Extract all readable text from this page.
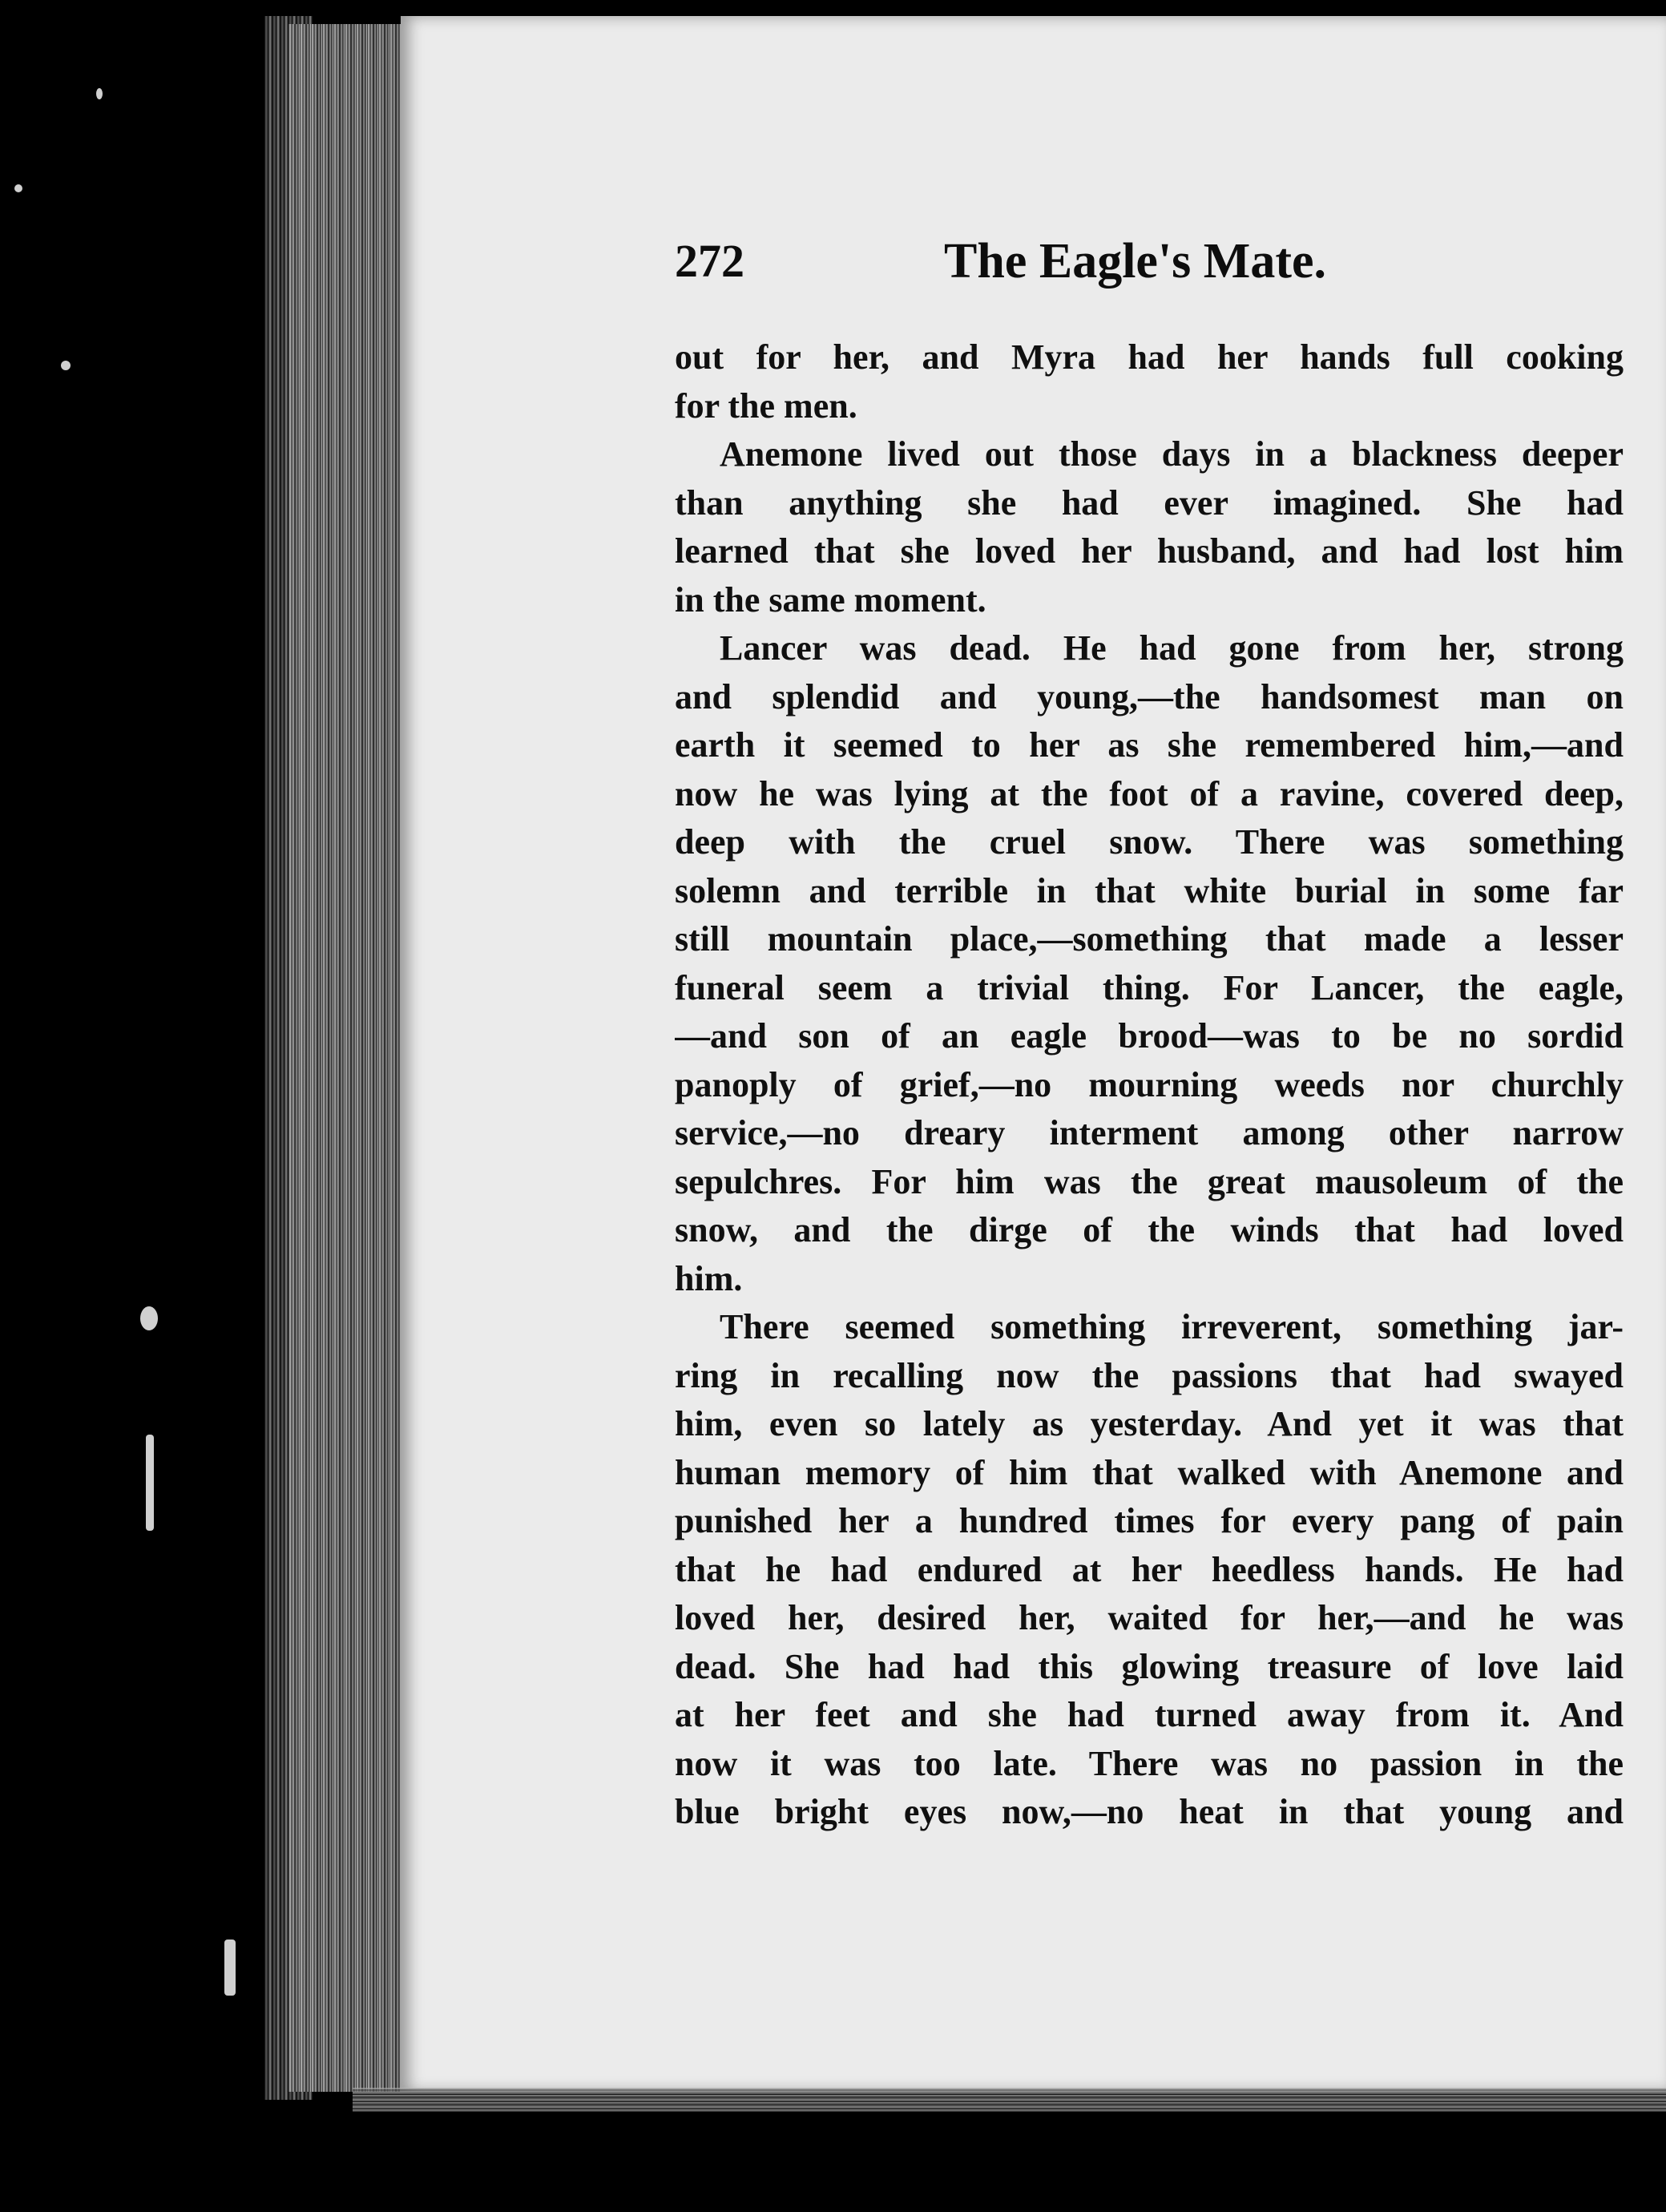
272	The Eagle's Mate.
out for her, and Myra had her hands full cooking
for the men.
Anemone lived out those days in a blackness deeper
than anything she had ever imagined. She had
learned that she loved her husband, and had lost him
in the same moment.
Lancer was dead. He had gone from her, strong
and splendid and young,—the handsomest man on
earth it seemed to her as she remembered him,—and
now he was lying at the foot of a ravine, covered deep,
deep with the cruel snow. There was something
solemn and terrible in that white burial in some far
still mountain place,—something that made a lesser
funeral seem a trivial thing. For Lancer, the eagle,
—and son of an eagle brood—was to be no sordid
panoply of grief,—no mourning weeds nor churchly
service,—no dreary interment among other narrow
sepulchres. For him was the great mausoleum of the
snow, and the dirge of the winds that had loved
him.
There seemed something irreverent, something jar-
ring in recalling now the passions that had swayed
him, even so lately as yesterday. And yet it was that
human memory of him that walked with Anemone and
punished her a hundred times for every pang of pain
that he had endured at her heedless hands. He had
loved her, desired her, waited for her,—and he was
dead. She had had this glowing treasure of love laid
at her feet and she had turned away from it. And
now it was too late. There was no passion in the
blue bright eyes now,—no heat in that young and
